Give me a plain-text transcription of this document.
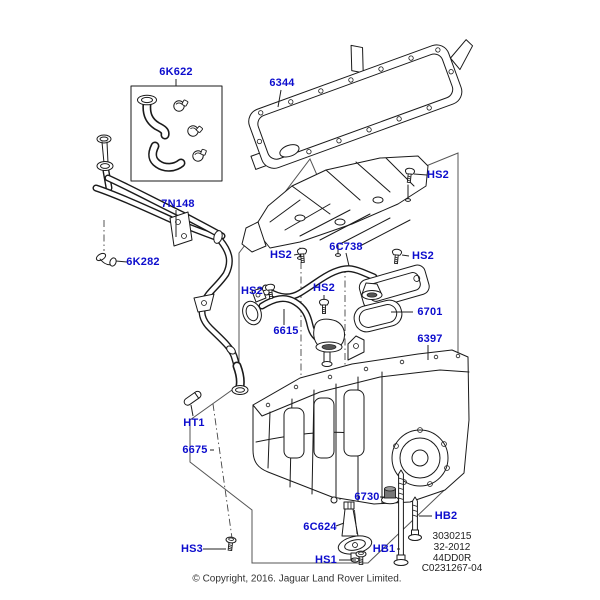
6K622
6344
7N148
6K282
HS2
6C738
HS2	HS2
HS2	HS2
6615
6701
6397
HT1
6675
6730
6C624
HB2
HB1
HS1
HS3
3030215
32-2012
44DD0R
C0231267-04
© Copyright, 2016. Jaguar Land Rover Limited.
